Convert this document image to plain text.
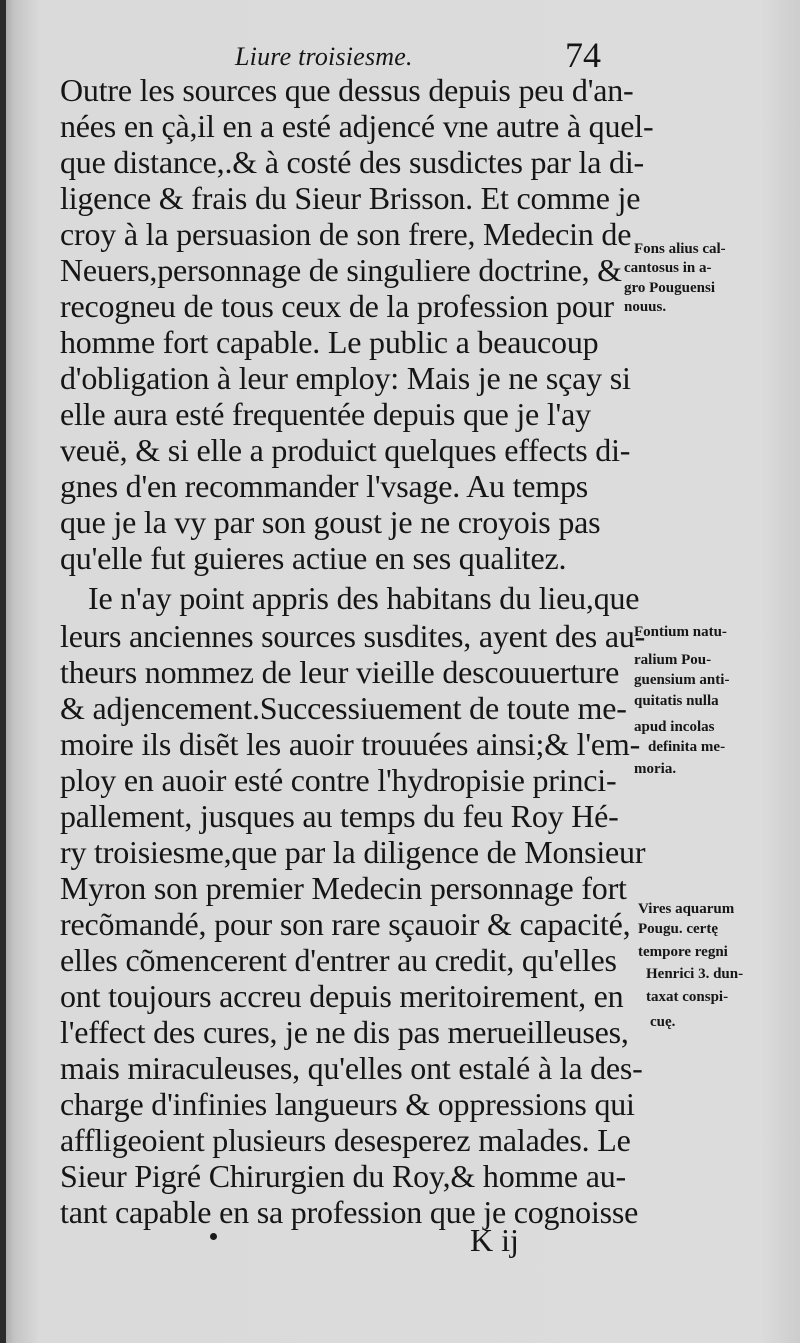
Liure troisiesme.	74
Outre les sources que dessus depuis peu d'an-
nées en çà,il en a esté adjencé vne autre à quel-
que distance,.& à costé des susdictes par la di-
ligence & frais du Sieur Brisson. Et comme je
croy à la persuasion de son frere, Medecin de
Neuers,personnage de singuliere doctrine, &
recogneu de tous ceux de la profession pour
homme fort capable. Le public a beaucoup
d'obligation à leur employ: Mais je ne sçay si
elle aura esté frequentée depuis que je l'ay
veuë, & si elle a produict quelques effects di-
gnes d'en recommander l'vsage. Au temps
que je la vy par son goust je ne croyois pas
qu'elle fut guieres actiue en ses qualitez.
Ie n'ay point appris des habitans du lieu,que
leurs anciennes sources susdites, ayent des au-
theurs nommez de leur vieille descouuerture
& adjencement.Successiuement de toute me-
moire ils disẽt les auoir trouuées ainsi;& l'em-
ploy en auoir esté contre l'hydropisie princi-
pallement, jusques au temps du feu Roy Hé-
ry troisiesme,que par la diligence de Monsieur
Myron son premier Medecin personnage fort
recõmandé, pour son rare sçauoir & capacité,
elles cõmencerent d'entrer au credit, qu'elles
ont toujours accreu depuis meritoirement, en
l'effect des cures, je ne dis pas merueilleuses,
mais miraculeuses, qu'elles ont estalé à la des-
charge d'infinies langueurs & oppressions qui
affligeoient plusieurs desesperez malades. Le
Sieur Pigré Chirurgien du Roy,& homme au-
tant capable en sa profession que je cognoisse
Fons alius cal-
cantosus in a-
gro Pouguensi
nouus.
Fontium natu-
ralium Pou-
guensium anti-
quitatis nulla
apud incolas
definita me-
moria.
Vires aquarum
Pougu. certę
tempore regni
Henrici 3. dun-
taxat conspi-
cuę.
K ij
